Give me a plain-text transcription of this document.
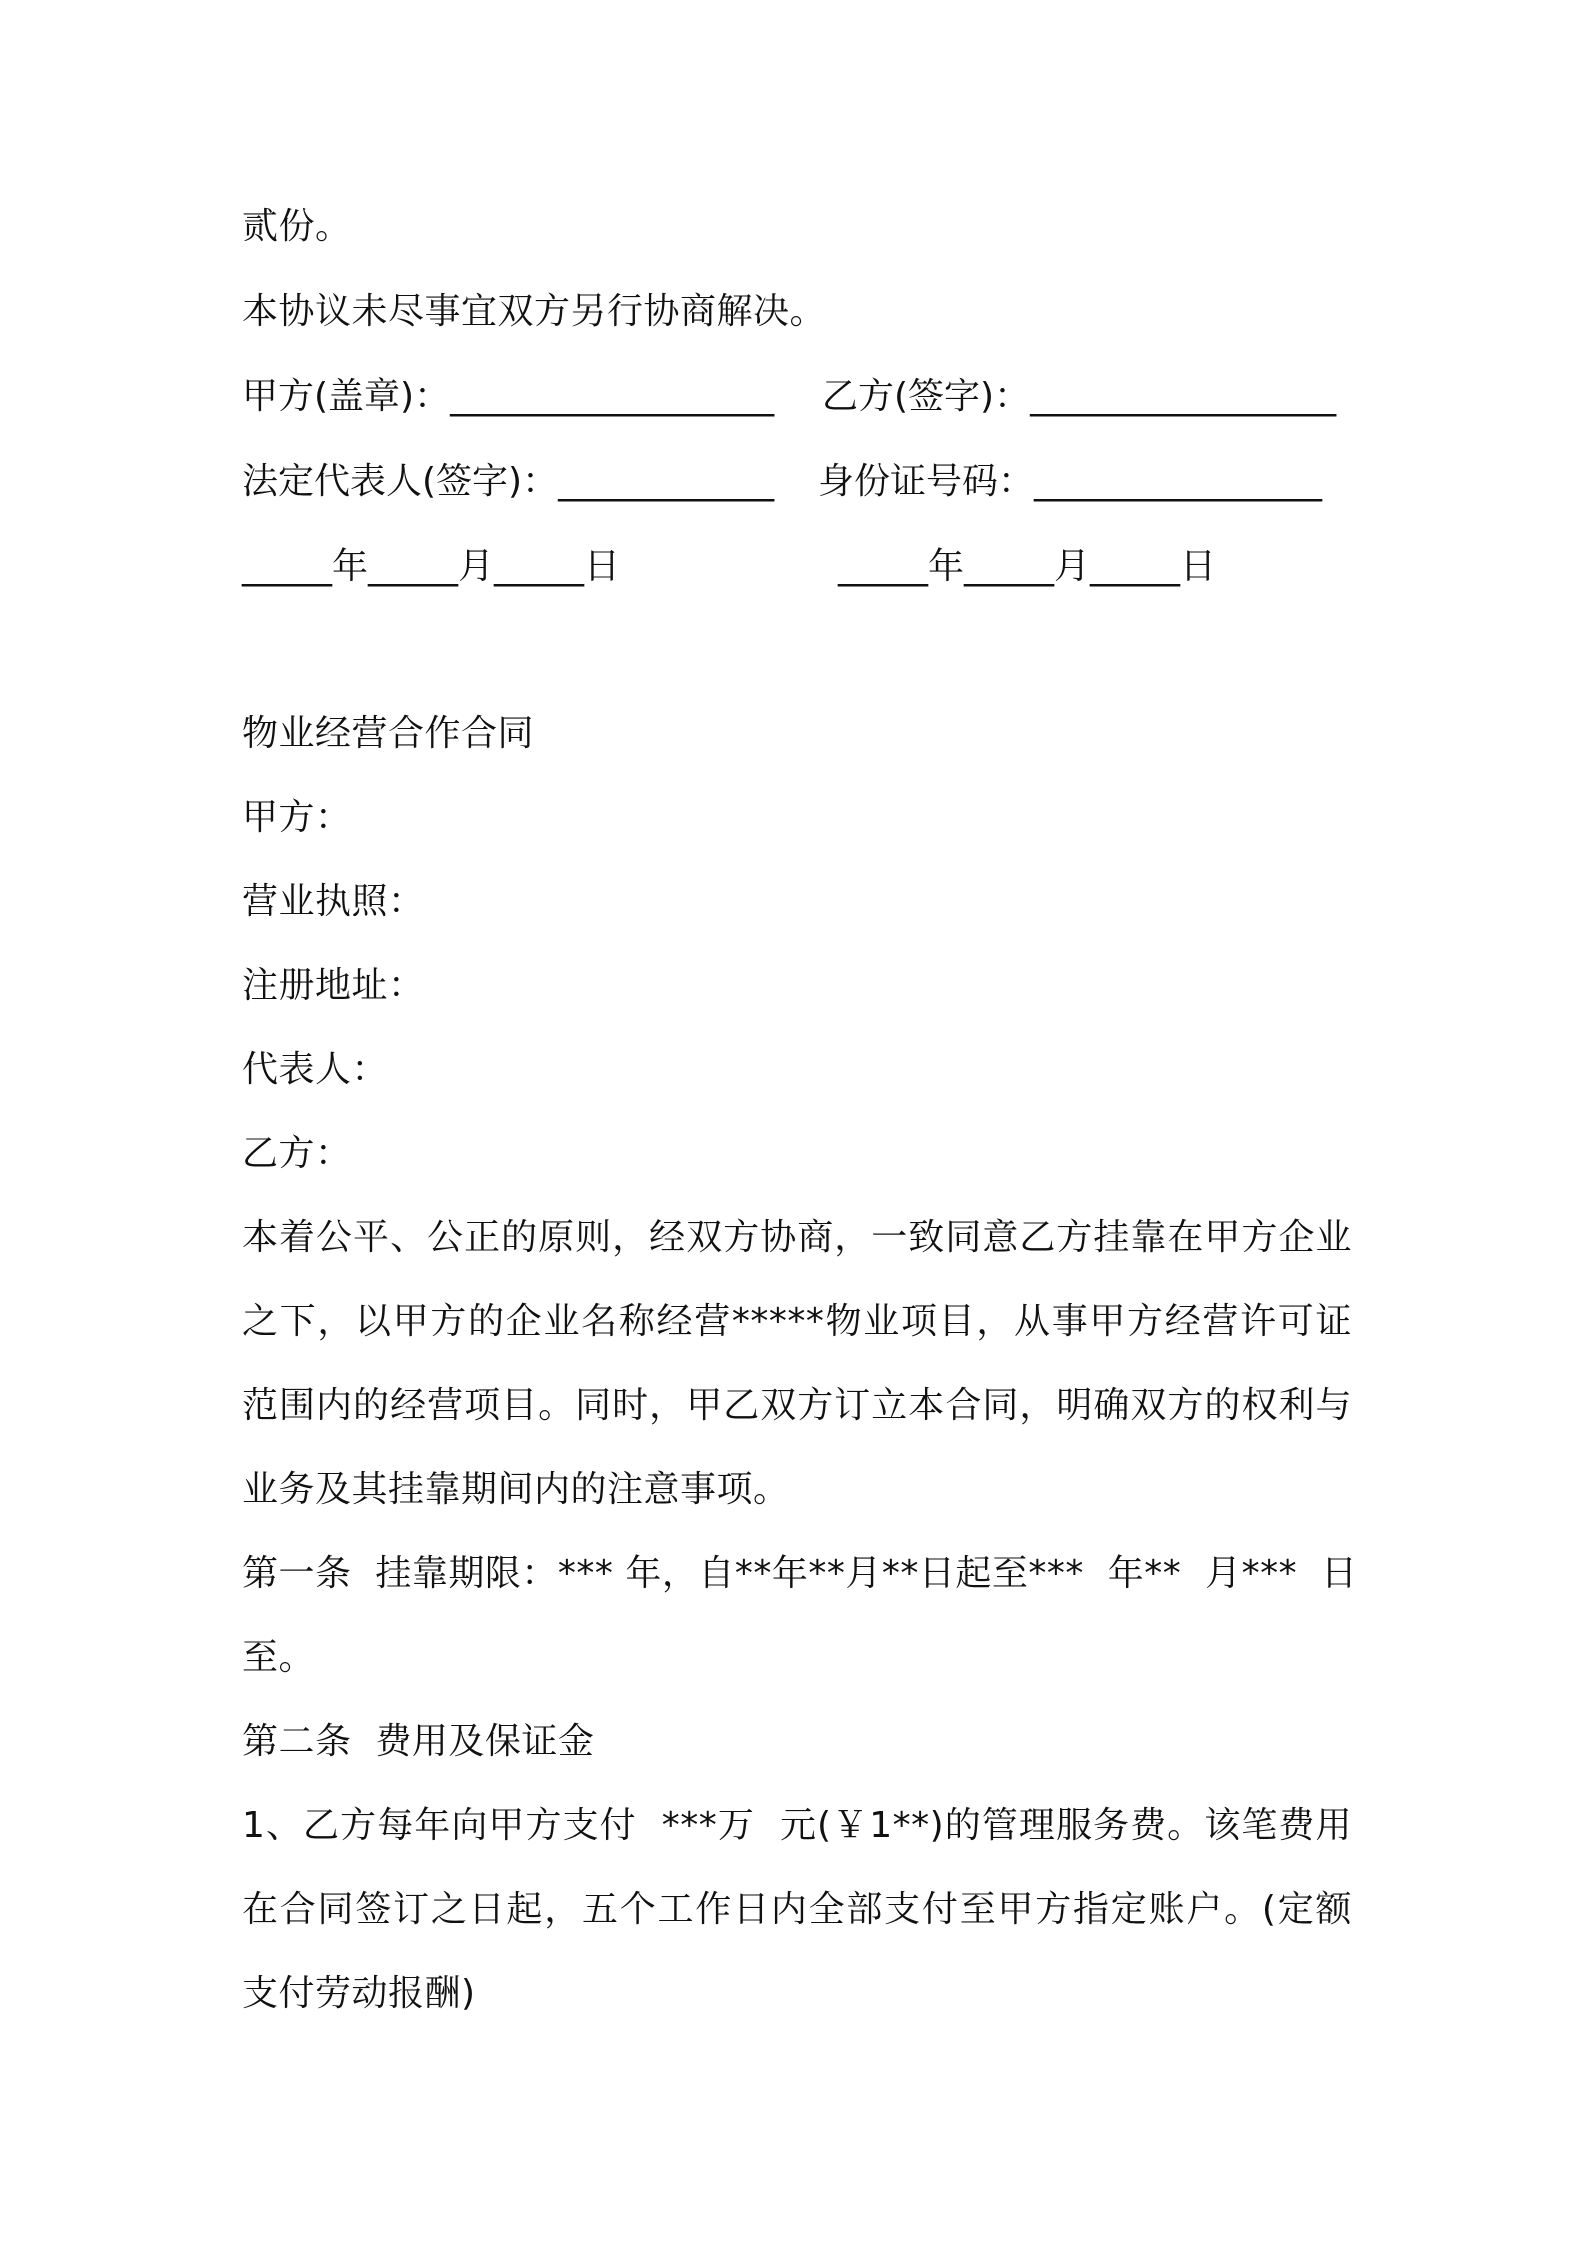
贰份。
本协议未尽事宜双方另行协商解决。
甲方(盖章)：__________________ 乙方(签字)：_________________
法定代表人(签字)：____________ 身份证号码：________________
_____年_____月_____日	_____年_____月_____日
物业经营合作合同
甲方：
营业执照：
注册地址：
代表人：
乙方：
本着公平、公正的原则，经双方协商，一致同意乙方挂靠在甲方企业
之下，以甲方的企业名称经营*****物业项目，从事甲方经营许可证
范围内的经营项目。同时，甲乙双方订立本合同，明确双方的权利与
业务及其挂靠期间内的注意事项。
第一条  挂靠期限：*** 年，自**年**月**日起至***  年**  月***  日
至。
第二条  费用及保证金
1、乙方每年向甲方支付  ***万  元(￥1**)的管理服务费。该笔费用
在合同签订之日起，五个工作日内全部支付至甲方指定账户。(定额
支付劳动报酬)
